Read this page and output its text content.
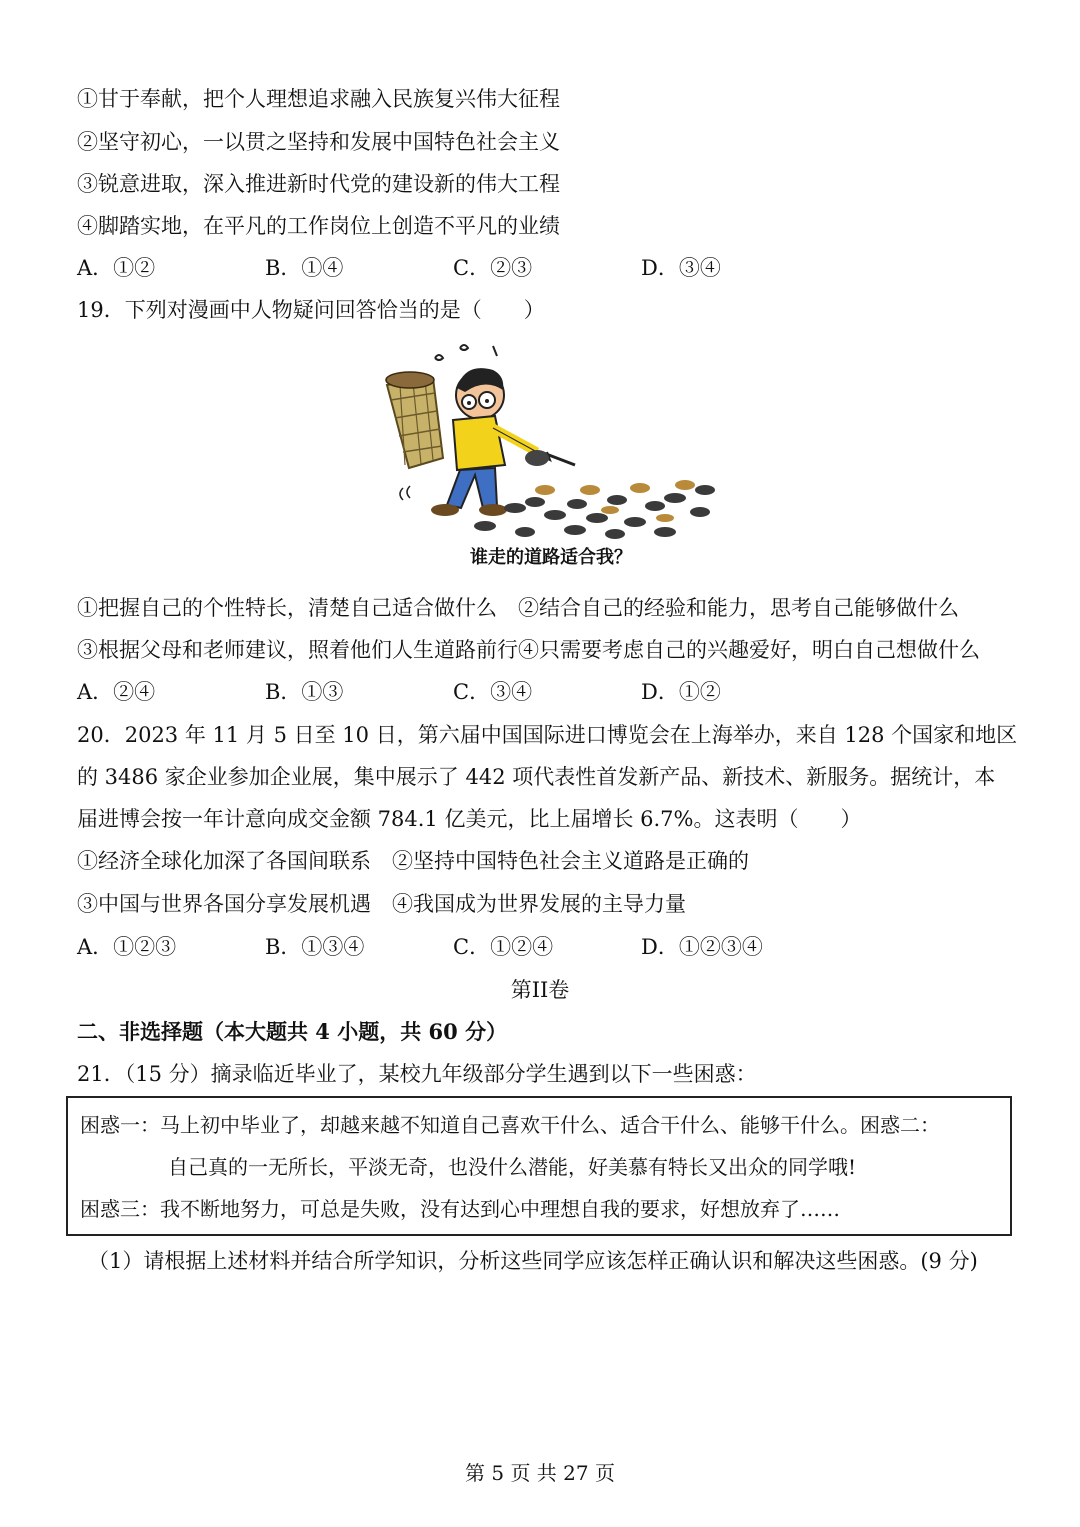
①甘于奉献，把个人理想追求融入民族复兴伟大征程
②坚守初心，一以贯之坚持和发展中国特色社会主义
③锐意进取，深入推进新时代党的建设新的伟大工程
④脚踏实地，在平凡的工作岗位上创造不平凡的业绩
A．①②	B．①④	C．②③	D．③④
19．下列对漫画中人物疑问回答恰当的是（　　）
谁走的道路适合我？
①把握自己的个性特长，清楚自己适合做什么　②结合自己的经验和能力，思考自己能够做什么
③根据父母和老师建议，照着他们人生道路前行④只需要考虑自己的兴趣爱好，明白自己想做什么
A．②④	B．①③	C．③④	D．①②
20．2023 年 11 月 5 日至 10 日，第六届中国国际进口博览会在上海举办，来自 128 个国家和地区
的 3486 家企业参加企业展，集中展示了 442 项代表性首发新产品、新技术、新服务。据统计，本
届进博会按一年计意向成交金额 784.1 亿美元，比上届增长 6.7%。这表明（　　）
①经济全球化加深了各国间联系　②坚持中国特色社会主义道路是正确的
③中国与世界各国分享发展机遇　④我国成为世界发展的主导力量
A．①②③	B．①③④	C．①②④	D．①②③④
第II卷
二、非选择题（本大题共 4 小题，共 60 分）
21．（15 分）摘录临近毕业了，某校九年级部分学生遇到以下一些困惑：
困惑一：马上初中毕业了，却越来越不知道自己喜欢干什么、适合干什么、能够干什么。困惑二：
自己真的一无所长，平淡无奇，也没什么潜能，好美慕有特长又出众的同学哦!
困惑三：我不断地努力，可总是失败，没有达到心中理想自我的要求，好想放弃了……
（1）请根据上述材料并结合所学知识，分析这些同学应该怎样正确认识和解决这些困惑。(9 分)
第 5 页 共 27 页
